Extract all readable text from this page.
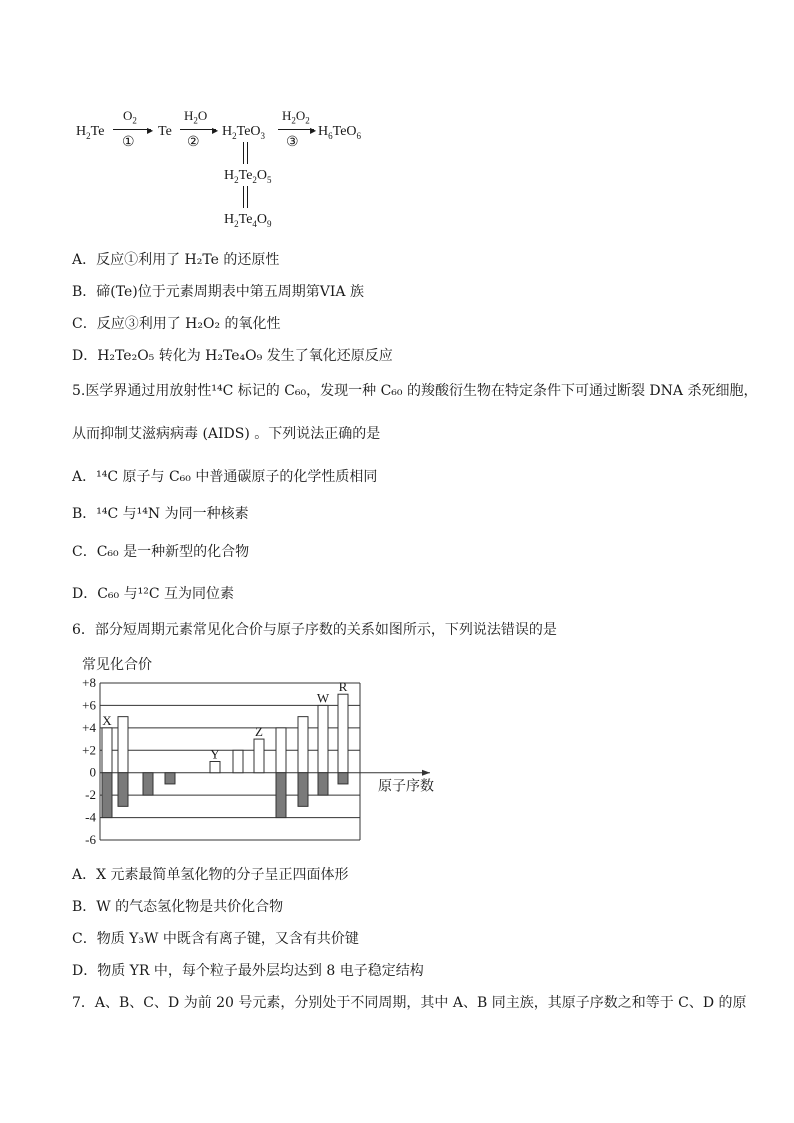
$H_2Te$
$O_2$
▶
①
Te
$H_2O$
▶
②
$H_2TeO_3$
$H_2O_2$
▶
③
$H_6TeO_6$
$H_2Te_2O_5$
$H_2Te_4O_9$
A．反应①利用了 H₂Te 的还原性
B．碲(Te)位于元素周期表中第五周期第VIA 族
C．反应③利用了 H₂O₂ 的氧化性
D．H₂Te₂O₅ 转化为 H₂Te₄O₉ 发生了氧化还原反应
5.医学界通过用放射性¹⁴C 标记的 C₆₀，发现一种 C₆₀ 的羧酸衍生物在特定条件下可通过断裂 DNA 杀死细胞，
从而抑制艾滋病病毒 (AIDS) 。下列说法正确的是
A．¹⁴C 原子与 C₆₀ 中普通碳原子的化学性质相同
B．¹⁴C 与¹⁴N 为同一种核素
C．C₆₀ 是一种新型的化合物
D．C₆₀ 与¹²C 互为同位素
6．部分短周期元素常见化合价与原子序数的关系如图所示，下列说法错误的是
常见化合价
+8
+6
+4
+2
0
-2
-4
-6
原子序数
X
Y
Z
W
R
A．X 元素最简单氢化物的分子呈正四面体形
B．W 的气态氢化物是共价化合物
C．物质 Y₃W 中既含有离子键，又含有共价键
D．物质 YR 中，每个粒子最外层均达到 8 电子稳定结构
7．A、B、C、D 为前 20 号元素，分别处于不同周期，其中 A、B 同主族，其原子序数之和等于 C、D 的原
